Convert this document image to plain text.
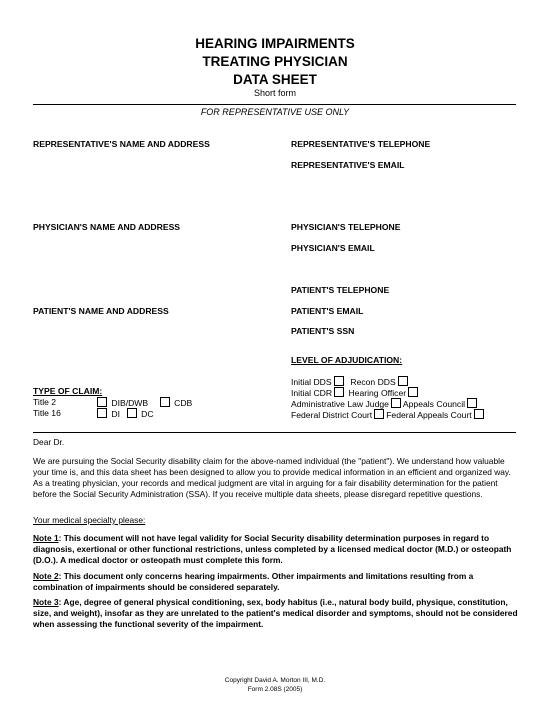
HEARING IMPAIRMENTS
TREATING PHYSICIAN
DATA SHEET
Short form
FOR REPRESENTATIVE USE ONLY
REPRESENTATIVE'S NAME AND ADDRESS	REPRESENTATIVE'S TELEPHONE
REPRESENTATIVE'S EMAIL
PHYSICIAN'S NAME AND ADDRESS	PHYSICIAN'S TELEPHONE
PHYSICIAN'S EMAIL
PATIENT'S TELEPHONE
PATIENT'S NAME AND ADDRESS	PATIENT'S EMAIL
PATIENT'S SSN
LEVEL OF ADJUDICATION:
Initial DDS Recon DDS
Initial CDR Hearing Officer
Administrative Law Judge Appeals Council
Federal District Court Federal Appeals Court
TYPE OF CLAIM:
Title 2	DIB/DWB	CDB
Title 16	DI DC
Dear Dr.
We are pursuing the Social Security disability claim for the above-named individual (the "patient"). We understand how valuable your time is, and this data sheet has been designed to allow you to provide medical information in an efficient and organized way. As a treating physician, your records and medical judgment are vital in arguing for a fair disability determination for the patient before the Social Security Administration (SSA). If you receive multiple data sheets, please disregard repetitive questions.
Your medical specialty please:
Note 1: This document will not have legal validity for Social Security disability determination purposes in regard to diagnosis, exertional or other functional restrictions, unless completed by a licensed medical doctor (M.D.) or osteopath (D.O.). A medical doctor or osteopath must complete this form.
Note 2: This document only concerns hearing impairments. Other impairments and limitations resulting from a combination of impairments should be considered separately.
Note 3: Age, degree of general physical conditioning, sex, body habitus (i.e., natural body build, physique, constitution, size, and weight), insofar as they are unrelated to the patient's medical disorder and symptoms, should not be considered when assessing the functional severity of the impairment.
Copyright David A. Morton III, M.D.
Form 2.08S (2005)
